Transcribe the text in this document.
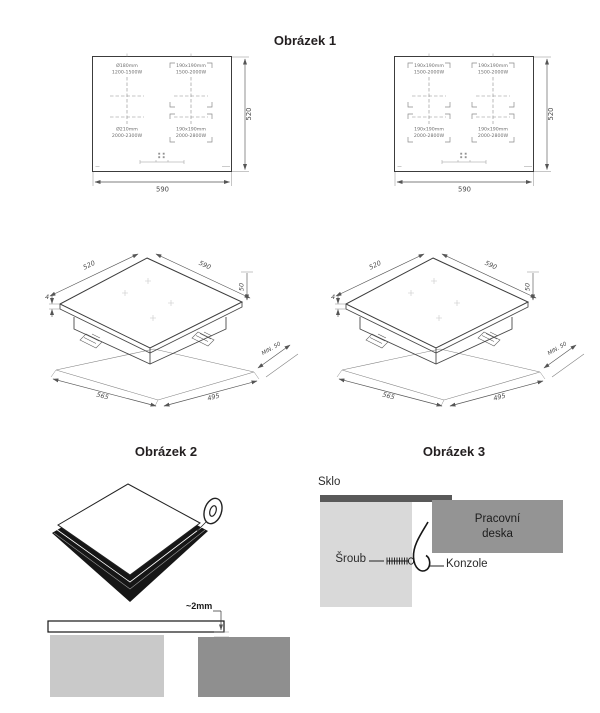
Obrázek 1
Ø180mm
1200-1500W
190x190mm
1500-2000W
Ø210mm
2000-2300W
190x190mm
2000-2800W
520
590
190x190mm
1500-2000W
190x190mm
1500-2000W
190x190mm
2000-2800W
190x190mm
2000-2800W
520
590
520	590
50
4
565	495
MIN. 50
520	590
50
4
565	495
MIN. 50
Obrázek 2
~2mm
Obrázek 3
Sklo
Pracovní
deska
Šroub	Konzole
